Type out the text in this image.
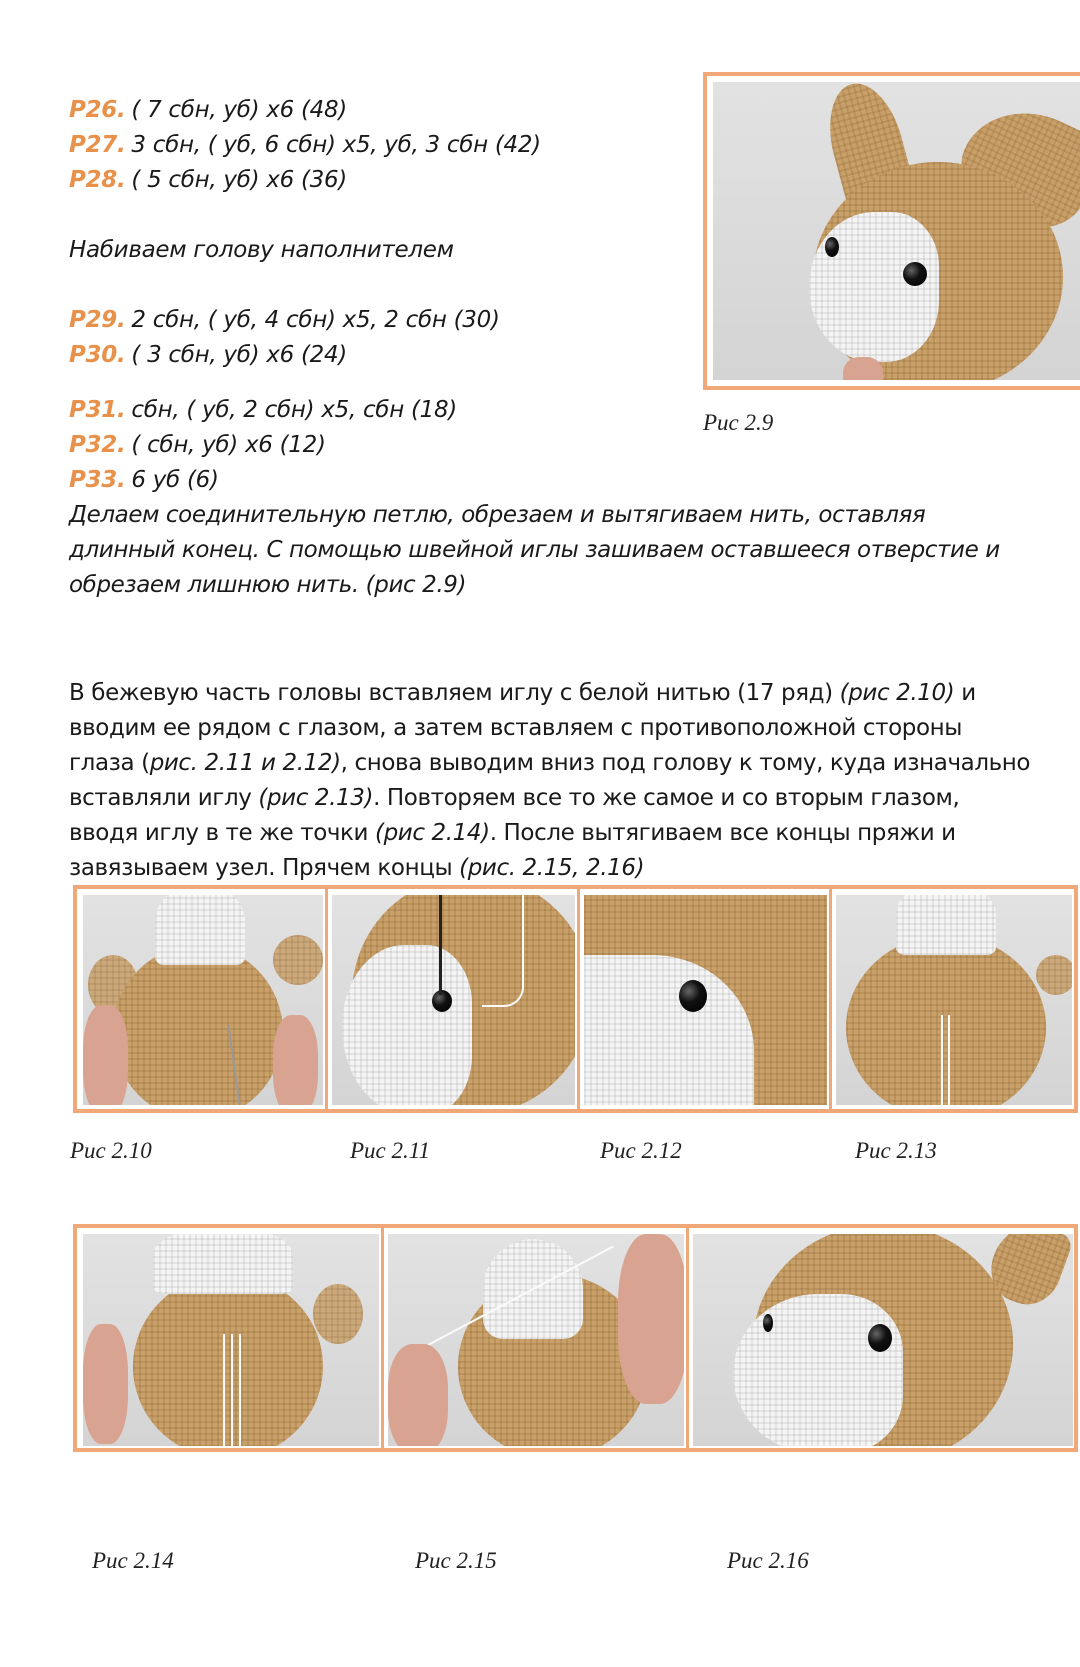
Р26. ( 7 сбн, уб) х6 (48)
Р27. 3 сбн, ( уб, 6 сбн) х5, уб, 3 сбн (42)
Р28. ( 5 сбн, уб) х6 (36)
Набиваем голову наполнителем
Р29. 2 сбн, ( уб, 4 сбн) х5, 2 сбн (30)
Р30. ( 3 сбн, уб) х6 (24)
Р31. сбн, ( уб, 2 сбн) х5, сбн (18)
Р32. ( сбн, уб) х6 (12)
Р33. 6 уб (6)
Делаем соединительную петлю, обрезаем и вытягиваем нить, оставляя
длинный конец. С помощью швейной иглы зашиваем оставшееся отверстие и
обрезаем лишнюю нить. (рис 2.9)
Рис 2.9
В бежевую часть головы вставляем иглу с белой нитью (17 ряд) (рис 2.10) и
вводим ее рядом с глазом, а затем вставляем с противоположной стороны
глаза (рис. 2.11 и 2.12), снова выводим вниз под голову к тому, куда изначально
вставляли иглу (рис 2.13). Повторяем все то же самое и со вторым глазом,
вводя иглу в те же точки (рис 2.14). После вытягиваем все концы пряжи и
завязываем узел. Прячем концы (рис. 2.15, 2.16)
Рис 2.10	Рис 2.11	Рис 2.12	Рис 2.13
Рис 2.14	Рис 2.15	Рис 2.16
